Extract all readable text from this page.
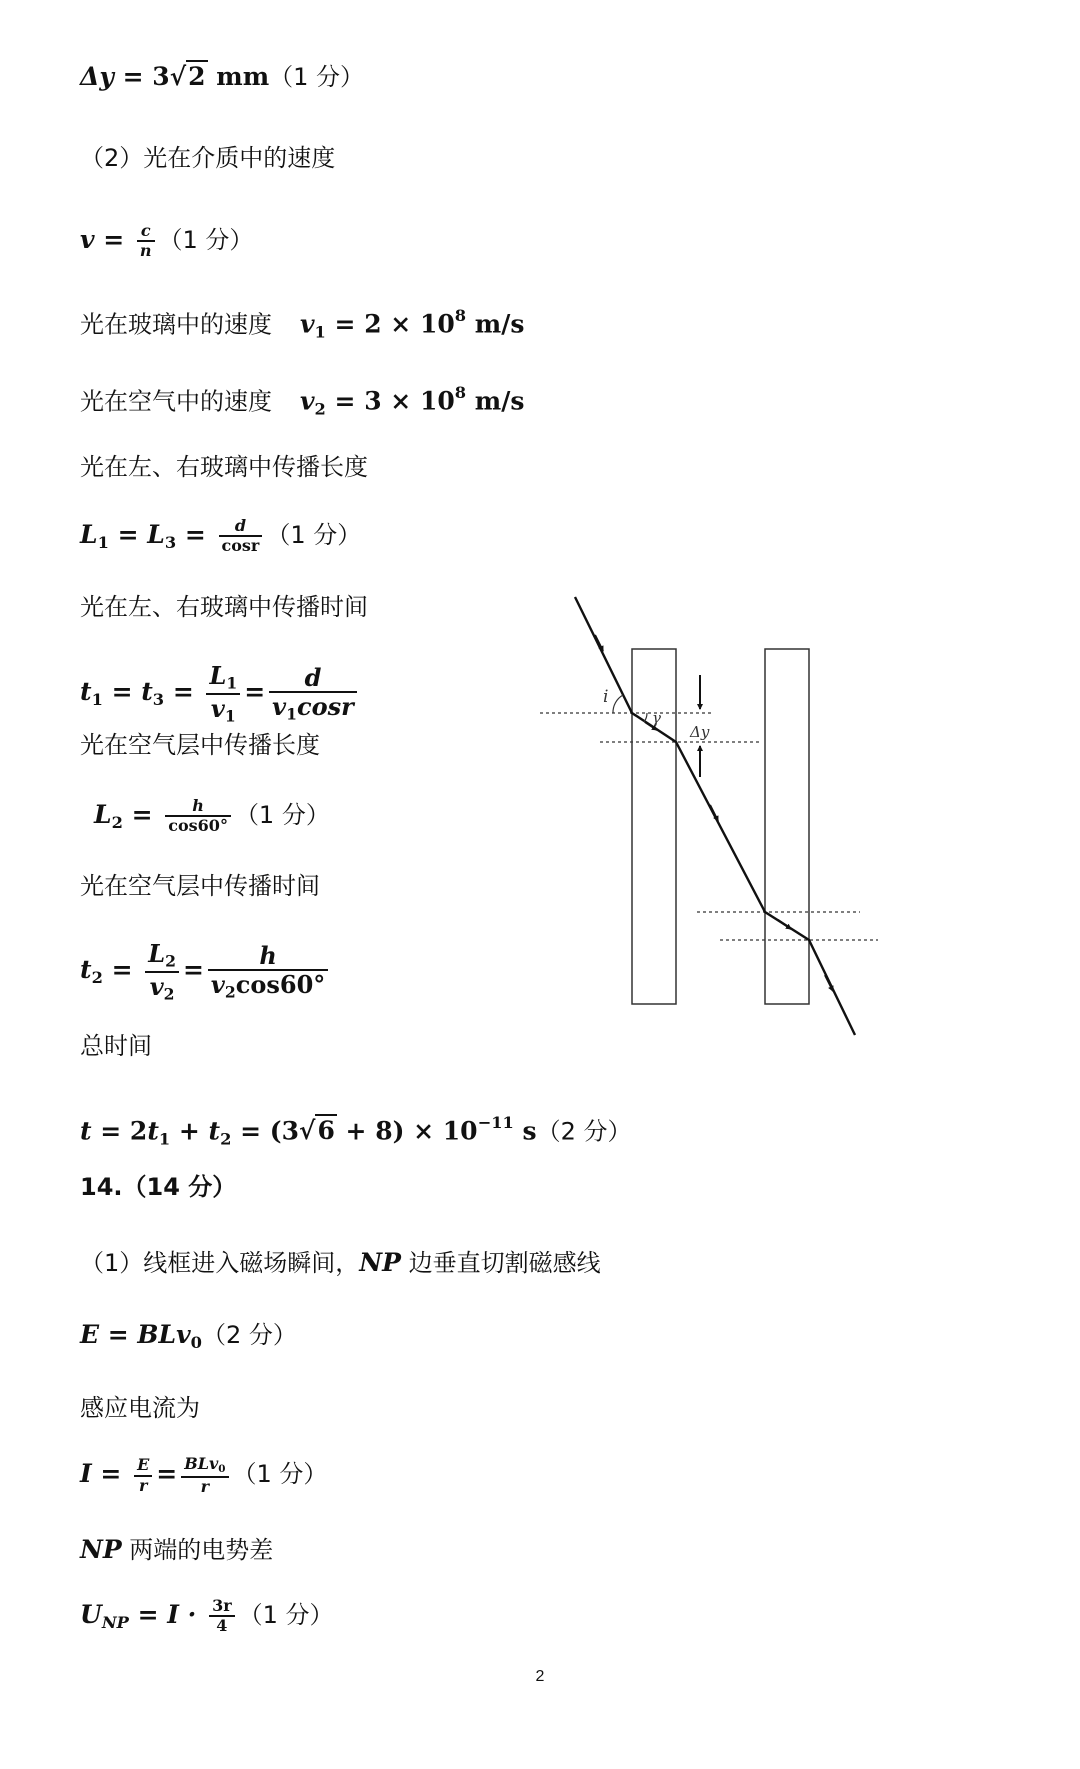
Δy = 3√2 mm（1 分）
（2）光在介质中的速度
$v = \frac{c}{n} (1$ 分）
光在玻璃中的速度 $v_1 = 2 \times 10^8$ m/s
光在空气中的速度 $v_2 = 3 \times 10^8$ m/s
光在左、右玻璃中传播长度
$L_1 = L_3 = \frac{d}{\cos r} (1$ 分）
光在左、右玻璃中传播时间
$t_1 = t_3 = \frac{L_1}{v_1} = \frac{d}{v_1\cos r}$
光在空气层中传播长度
$L_2 = \frac{h}{\cos 60^\circ} (1$ 分）
光在空气层中传播时间
$t_2 = \frac{L_2}{v_2} = \frac{h}{v_2\cos 60^\circ}$
总时间
$t = 2t_1 + t_2 = (3√6 + 8) \times 10^{-11}$ s（2 分）
14.（14 分）
（1）线框进入磁场瞬间，NP 边垂直切割磁感线
E = BLv$_0$（2 分）
感应电流为
$I = \frac{E}{r} = \frac{BLv_0}{r} (1$ 分）
NP 两端的电势差
$U_{NP} = I \cdot \frac{3r}{4} (1$ 分）
i
γ
Δy
2
